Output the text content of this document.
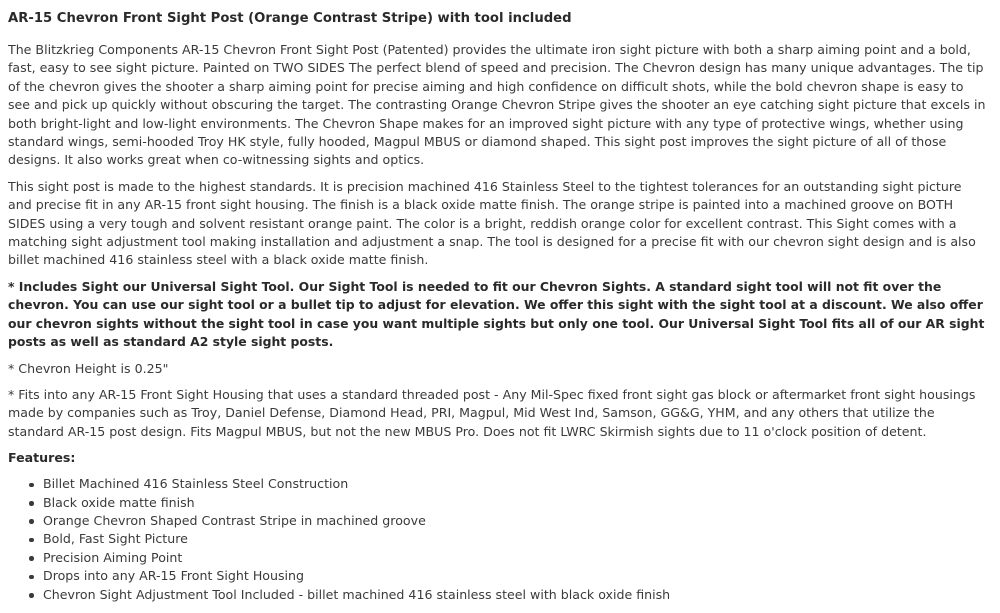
AR-15 Chevron Front Sight Post (Orange Contrast Stripe) with tool included

The Blitzkrieg Components AR-15 Chevron Front Sight Post (Patented) provides the ultimate iron sight picture with both a sharp aiming point and a bold, fast, easy to see sight picture. Painted on TWO SIDES The perfect blend of speed and precision. The Chevron design has many unique advantages. The tip of the chevron gives the shooter a sharp aiming point for precise aiming and high confidence on difficult shots, while the bold chevron shape is easy to see and pick up quickly without obscuring the target. The contrasting Orange Chevron Stripe gives the shooter an eye catching sight picture that excels in both bright-light and low-light environments. The Chevron Shape makes for an improved sight picture with any type of protective wings, whether using standard wings, semi-hooded Troy HK style, fully hooded, Magpul MBUS or diamond shaped. This sight post improves the sight picture of all of those designs. It also works great when co-witnessing sights and optics.

This sight post is made to the highest standards. It is precision machined 416 Stainless Steel to the tightest tolerances for an outstanding sight picture and precise fit in any AR-15 front sight housing. The finish is a black oxide matte finish. The orange stripe is painted into a machined groove on BOTH SIDES using a very tough and solvent resistant orange paint. The color is a bright, reddish orange color for excellent contrast. This Sight comes with a matching sight adjustment tool making installation and adjustment a snap. The tool is designed for a precise fit with our chevron sight design and is also billet machined 416 stainless steel with a black oxide matte finish.

* Includes Sight our Universal Sight Tool. Our Sight Tool is needed to fit our Chevron Sights. A standard sight tool will not fit over the chevron. You can use our sight tool or a bullet tip to adjust for elevation. We offer this sight with the sight tool at a discount. We also offer our chevron sights without the sight tool in case you want multiple sights but only one tool. Our Universal Sight Tool fits all of our AR sight posts as well as standard A2 style sight posts.

* Chevron Height is 0.25"

* Fits into any AR-15 Front Sight Housing that uses a standard threaded post - Any Mil-Spec fixed front sight gas block or aftermarket front sight housings made by companies such as Troy, Daniel Defense, Diamond Head, PRI, Magpul, Mid West Ind, Samson, GG&G, YHM, and any others that utilize the standard AR-15 post design. Fits Magpul MBUS, but not the new MBUS Pro. Does not fit LWRC Skirmish sights due to 11 o'clock position of detent.

Features:
Billet Machined 416 Stainless Steel Construction
Black oxide matte finish
Orange Chevron Shaped Contrast Stripe in machined groove
Bold, Fast Sight Picture
Precision Aiming Point
Drops into any AR-15 Front Sight Housing
Chevron Sight Adjustment Tool Included - billet machined 416 stainless steel with black oxide finish
